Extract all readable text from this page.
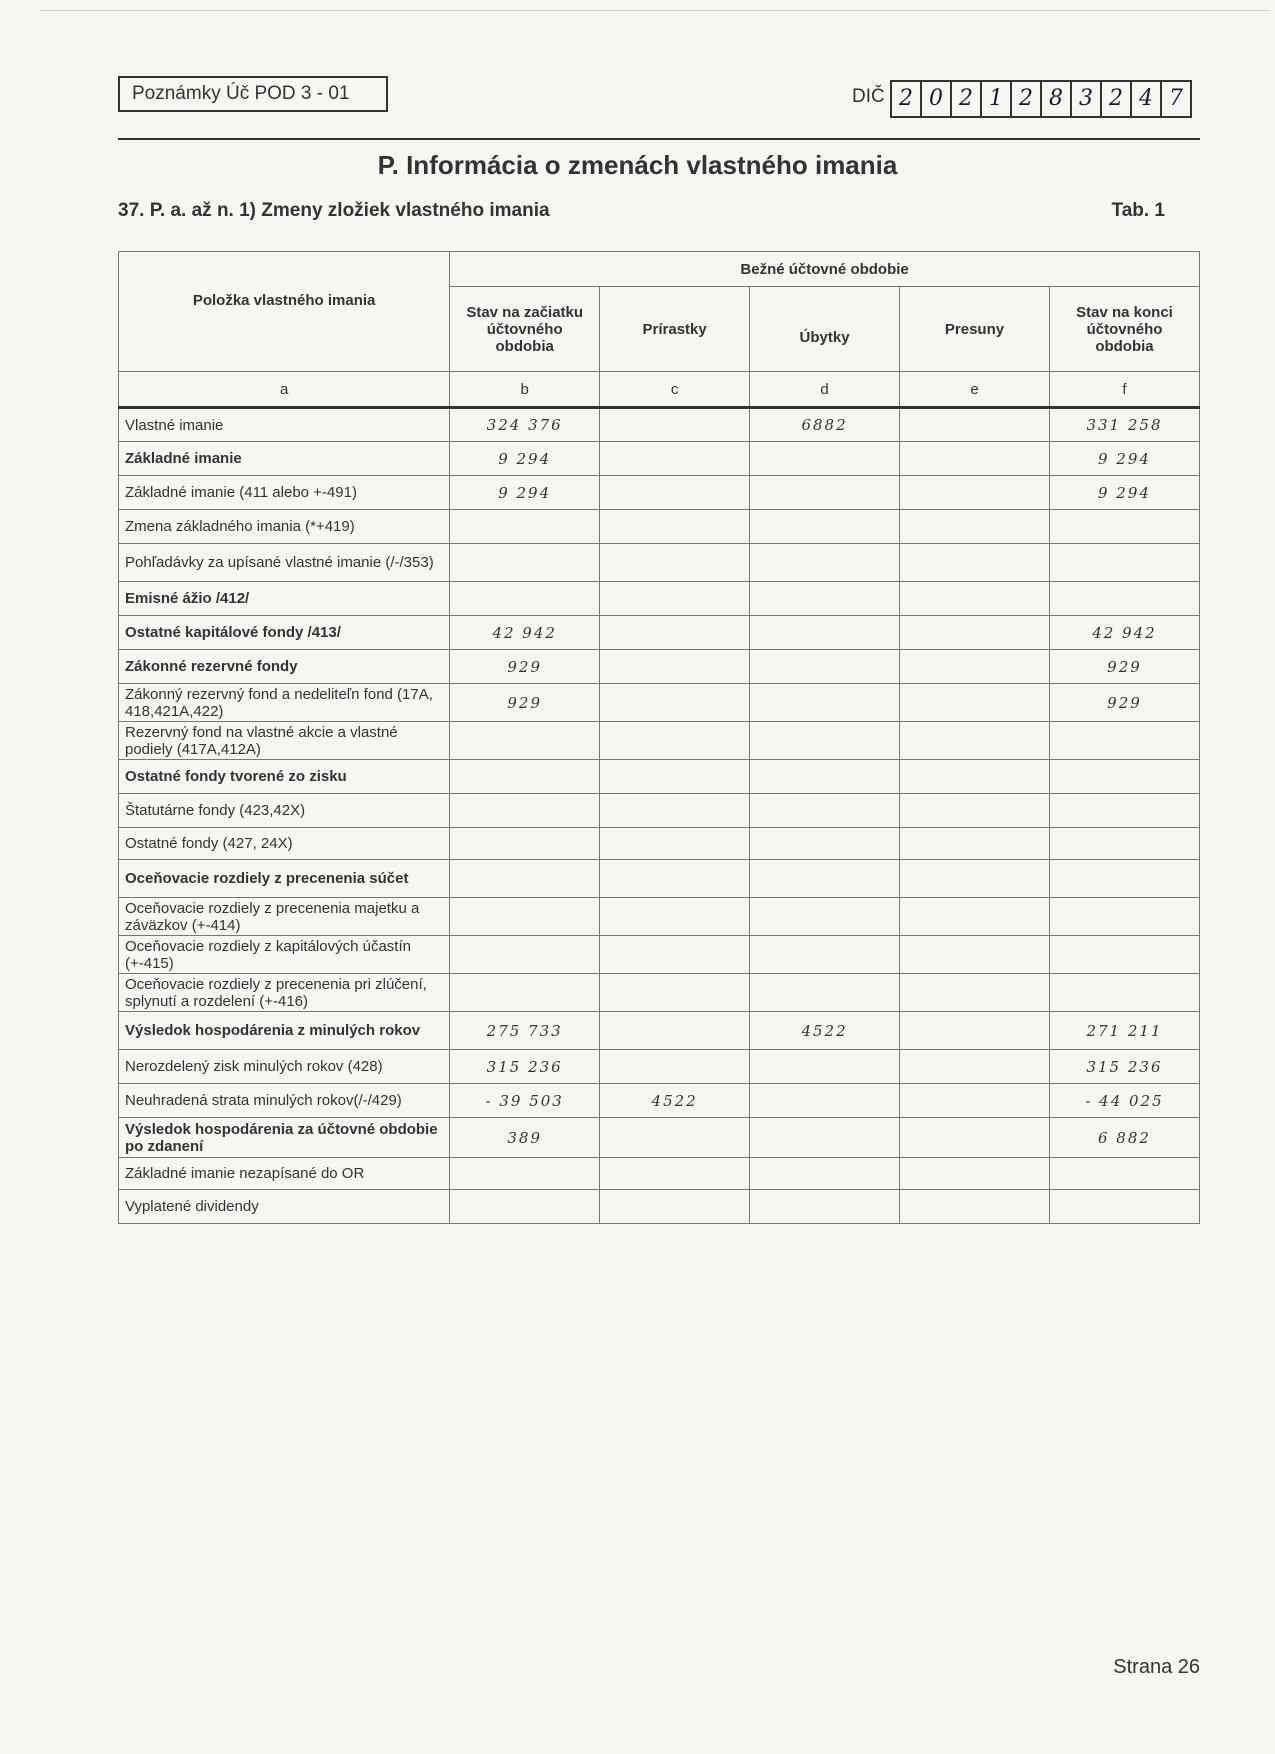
Poznámky Úč POD 3 - 01	DIČ 2 0 2 1 2 8 3 2 4 7
P. Informácia o zmenách vlastného imania
37. P. a. až n. 1) Zmeny zložiek vlastného imania	Tab. 1
Položka vlastného imania	Bežné účtovné obdobie				
	Stav na začiatku účtovného obdobia	Prírastky	Úbytky	Presuny	Stav na konci účtovného obdobia
a	b	c	d	e	f
Vlastné imanie	324 376		6882		331 258
Základné imanie	9 294				9 294
Základné imanie (411 alebo +-491)	9 294				9 294
Zmena základného imania (*+419)					
Pohľadávky za upísané vlastné imanie (/-/353)					
Emisné ážio /412/					
Ostatné kapitálové fondy /413/	42 942				42 942
Zákonné rezervné fondy	929				929
Zákonný rezervný fond a nedeliteľn fond (17A, 418,421A,422)	929				929
Rezervný fond na vlastné akcie a vlastné podiely (417A,412A)					
Ostatné fondy tvorené zo zisku					
Štatutárne fondy (423,42X)					
Ostatné fondy (427, 24X)					
Oceňovacie rozdiely z precenenia súčet					
Oceňovacie rozdiely z precenenia majetku a záväzkov (+-414)					
Oceňovacie rozdiely z kapitálových účastín (+-415)					
Oceňovacie rozdiely z precenenia pri zlúčení, splynutí a rozdelení (+-416)					
Výsledok hospodárenia z minulých rokov	275 733		4522		271 211
Nerozdelený zisk minulých rokov (428)	315 236				315 236
Neuhradená strata minulých rokov(/-/429)	- 39 503	4522			- 44 025
Výsledok hospodárenia za účtovné obdobie po zdanení	389				6 882
Základné imanie nezapísané do OR					
Vyplatené dividendy					
Strana 26
